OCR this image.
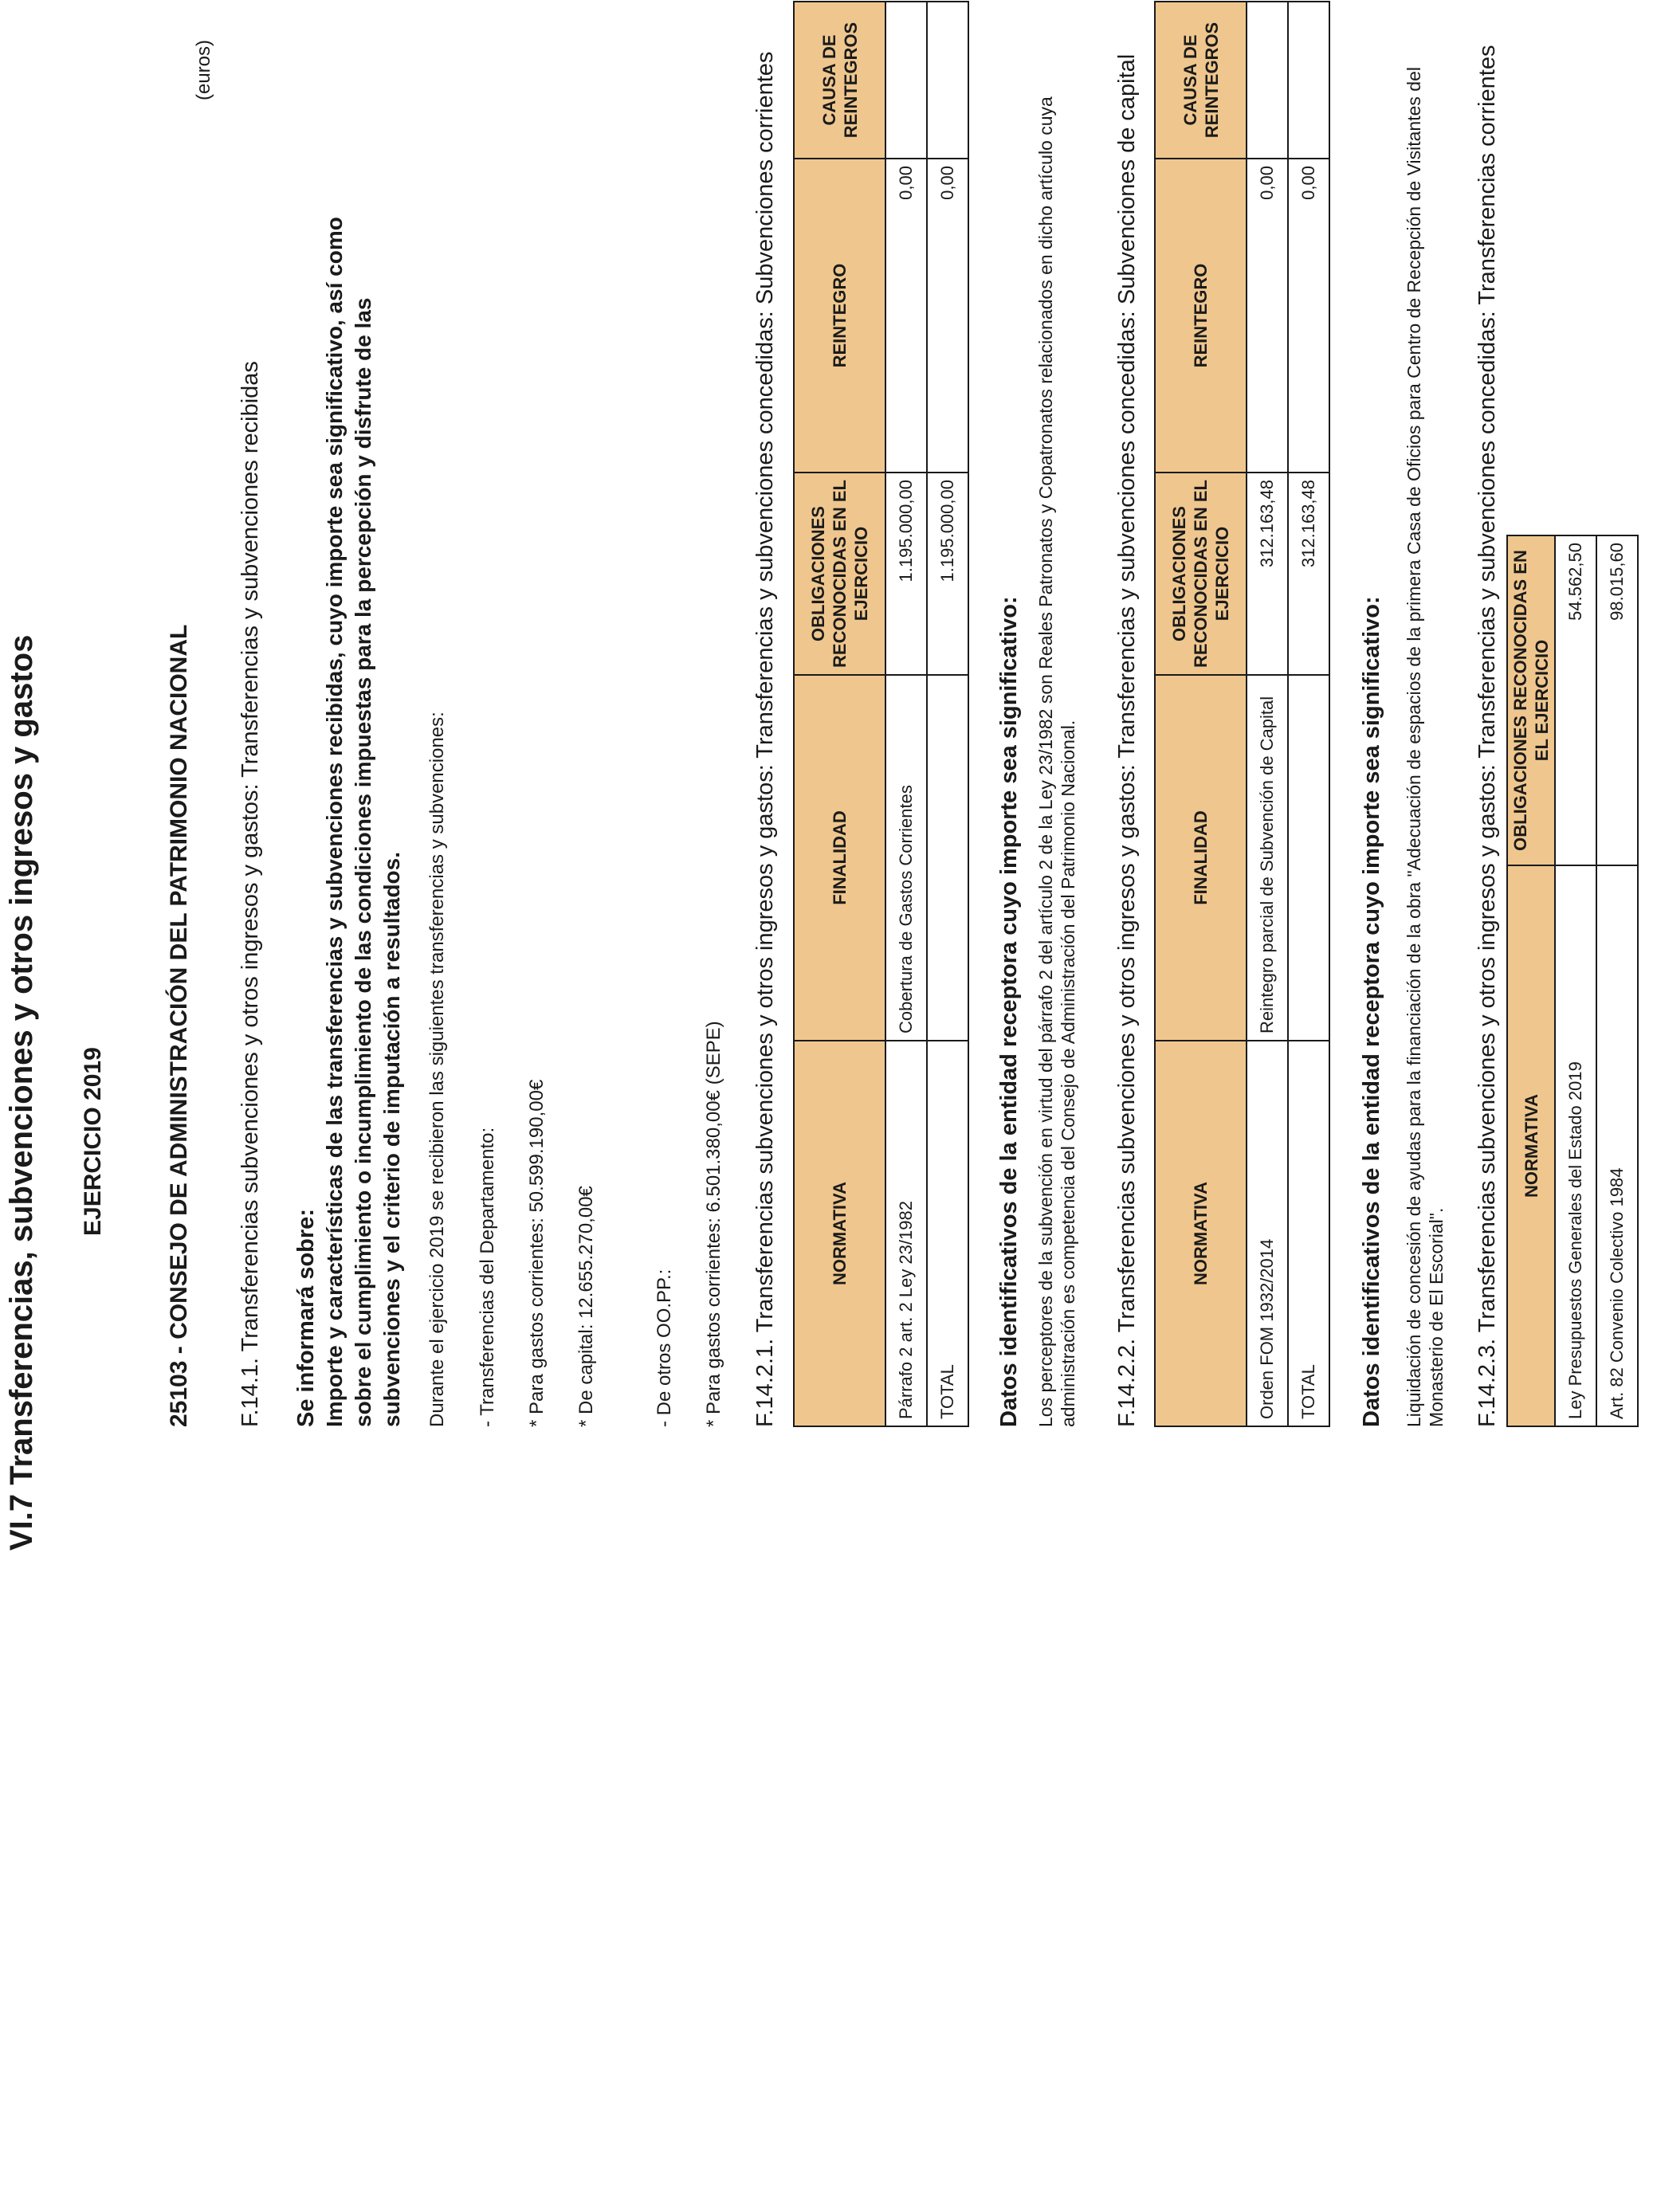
VI.7 Transferencias, subvenciones y otros ingresos y gastos EJERCICIO 2019	25103 - CONSEJO DE ADMINISTRACIÓN DEL PATRIMONIO NACIONAL
(euros)
F.14.1. Transferencias subvenciones y otros ingresos y gastos: Transferencias y subvenciones recibidas Se informará sobre: Importe y características de las transferencias y subvenciones recibidas, cuyo importe sea significativo, así como sobre el cumplimiento o incumplimiento de las condiciones impuestas para la percepción y disfrute de las subvenciones y el criterio de imputación a resultados. Durante el ejercicio 2019 se recibieron las siguientes transferencias y subvenciones: - Transferencias del Departamento: * Para gastos corrientes: 50.599.190,00€ * De capital: 12.655.270,00€	- De otros OO.PP.: * Para gastos corrientes: 6.501.380,00€ (SEPE) F.14.2.1. Transferencias subvenciones y otros ingresos y gastos: Transferencias y subvenciones concedidas: Subvenciones corrientes	NORMATIVA	FINALIDAD	OBLIGACIONES RECONOCIDAS EN EL EJERCICIO	REINTEGRO	CAUSA DE REINTEGROS
Párrafo 2 art. 2 Ley 23/1982	Cobertura de Gastos Corrientes	1.195.000,00	0,00	
TOTAL		1.195.000,00	0,00	
Datos identificativos de la entidad receptora cuyo importe sea significativo: Los perceptores de la subvención en virtud del párrafo 2 del artículo 2 de la Ley 23/1982 son Reales Patronatos y Copatronatos relacionados en dicho artículo cuya administración es competencia del Consejo de Administración del Patrimonio Nacional. F.14.2.2. Transferencias subvenciones y otros ingresos y gastos: Transferencias y subvenciones concedidas: Subvenciones de capital	NORMATIVA	FINALIDAD	OBLIGACIONES RECONOCIDAS EN EL EJERCICIO	REINTEGRO	CAUSA DE REINTEGROS
Orden FOM 1932/2014	Reintegro parcial de Subvención de Capital	312.163,48	0,00	
TOTAL		312.163,48	0,00	
Datos identificativos de la entidad receptora cuyo importe sea significativo: Liquidación de concesión de ayudas para la financiación de la obra "Adecuación de espacios de la primera Casa de Oficios para Centro de Recepción de Visitantes del Monasterio de El Escorial". F.14.2.3. Transferencias subvenciones y otros ingresos y gastos: Transferencias y subvenciones concedidas: Transferencias corrientes NORMATIVA	OBLIGACIONES RECONOCIDAS EN EL EJERCICIO
Ley Presupuestos Generales del Estado 2019	54.562,50
Art. 82 Convenio Colectivo 1984	98.015,60
